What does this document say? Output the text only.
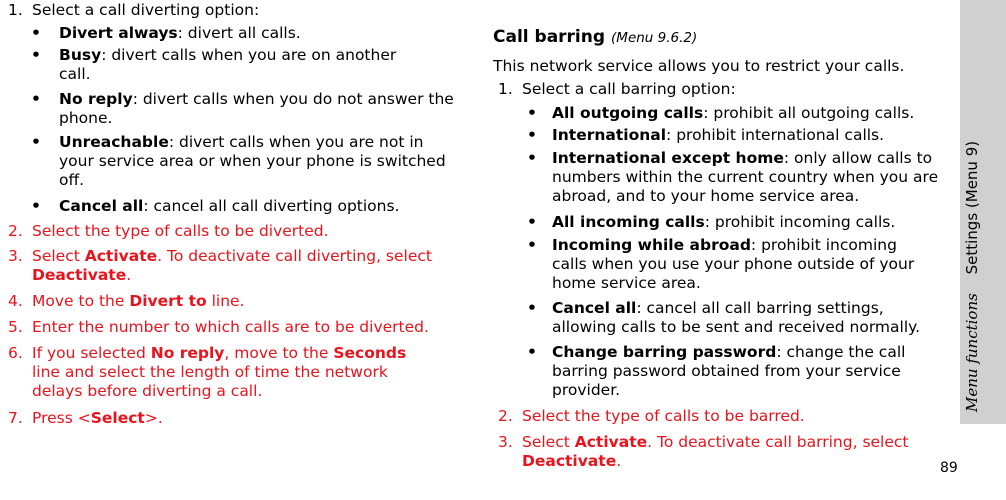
1. Select a call diverting option:
•	Divert always: divert all calls.
•	Busy: divert calls when you are on another call.
•	No reply: divert calls when you do not answer the phone.
•	Unreachable: divert calls when you are not in your service area or when your phone is switched off.
•	Cancel all: cancel all call diverting options.
2. Select the type of calls to be diverted.
3. Select Activate. To deactivate call diverting, select Deactivate.
4. Move to the Divert to line.
5. Enter the number to which calls are to be diverted.
6. If you selected No reply, move to the Seconds line and select the length of time the network delays before diverting a call.
7. Press <Select>.
Call barring (Menu 9.6.2)
This network service allows you to restrict your calls.
1. Select a call barring option:
• All outgoing calls: prohibit all outgoing calls.
• International: prohibit international calls.
• International except home: only allow calls to numbers within the current country when you are abroad, and to your home service area.
• All incoming calls: prohibit incoming calls.
• Incoming while abroad: prohibit incoming calls when you use your phone outside of your home service area.
• Cancel all: cancel all call barring settings, allowing calls to be sent and received normally.
• Change barring password: change the call barring password obtained from your service provider.
2. Select the type of calls to be barred.
3. Select Activate. To deactivate call barring, select Deactivate.
Menu functions Settings (Menu 9)
89
